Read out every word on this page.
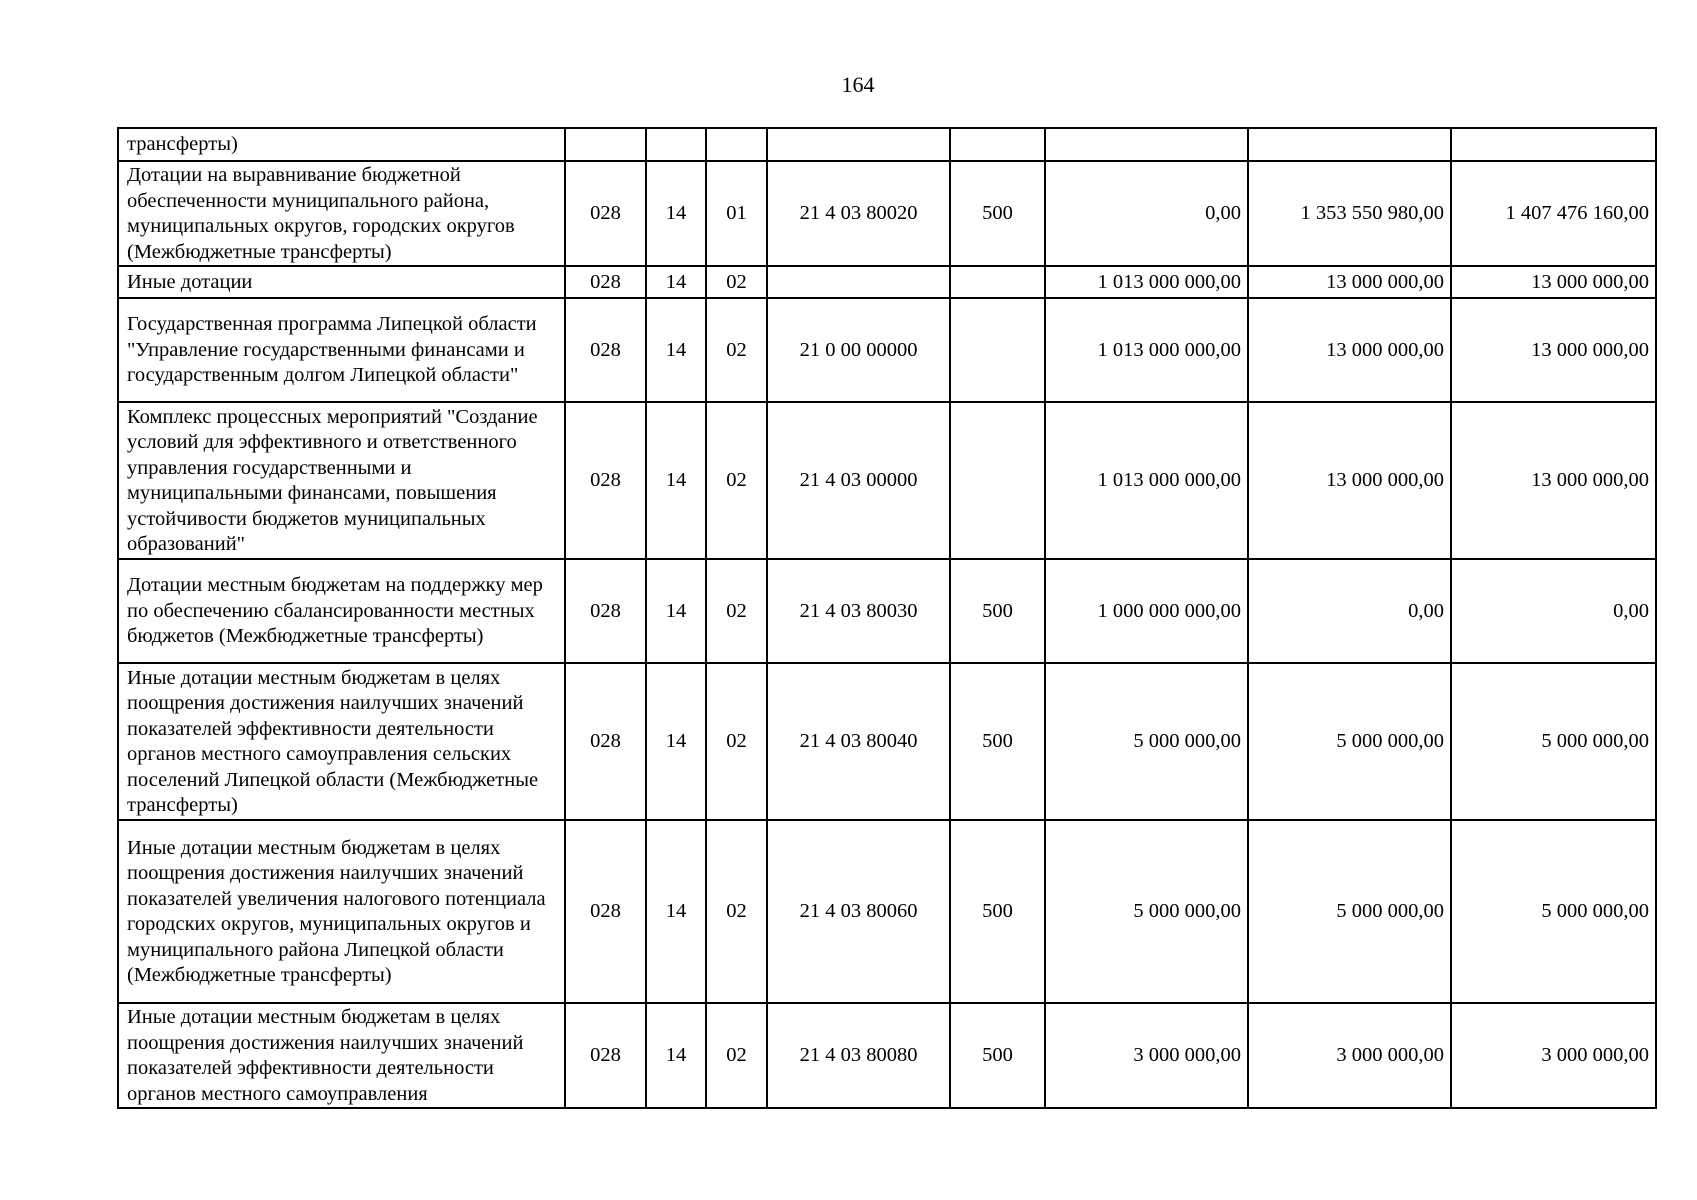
164
трансферты)								
Дотации на выравнивание бюджетной обеспеченности муниципального района, муниципальных округов, городских округов (Межбюджетные трансферты)	028	14	01	21 4 03 80020	500	0,00	1 353 550 980,00	1 407 476 160,00
Иные дотации	028	14	02			1 013 000 000,00	13 000 000,00	13 000 000,00
Государственная программа Липецкой области "Управление государственными финансами и государственным долгом Липецкой области"	028	14	02	21 0 00 00000		1 013 000 000,00	13 000 000,00	13 000 000,00
Комплекс процессных мероприятий "Создание условий для эффективного и ответственного управления государственными и муниципальными финансами, повышения устойчивости бюджетов муниципальных образований"	028	14	02	21 4 03 00000		1 013 000 000,00	13 000 000,00	13 000 000,00
Дотации местным бюджетам на поддержку мер по обеспечению сбалансированности местных бюджетов (Межбюджетные трансферты)	028	14	02	21 4 03 80030	500	1 000 000 000,00	0,00	0,00
Иные дотации местным бюджетам в целях поощрения достижения наилучших значений показателей эффективности деятельности органов местного самоуправления сельских поселений Липецкой области (Межбюджетные трансферты)	028	14	02	21 4 03 80040	500	5 000 000,00	5 000 000,00	5 000 000,00
Иные дотации местным бюджетам в целях поощрения достижения наилучших значений показателей увеличения налогового потенциала городских округов, муниципальных округов и муниципального района Липецкой области (Межбюджетные трансферты)	028	14	02	21 4 03 80060	500	5 000 000,00	5 000 000,00	5 000 000,00
Иные дотации местным бюджетам в целях поощрения достижения наилучших значений показателей эффективности деятельности органов местного самоуправления	028	14	02	21 4 03 80080	500	3 000 000,00	3 000 000,00	3 000 000,00
